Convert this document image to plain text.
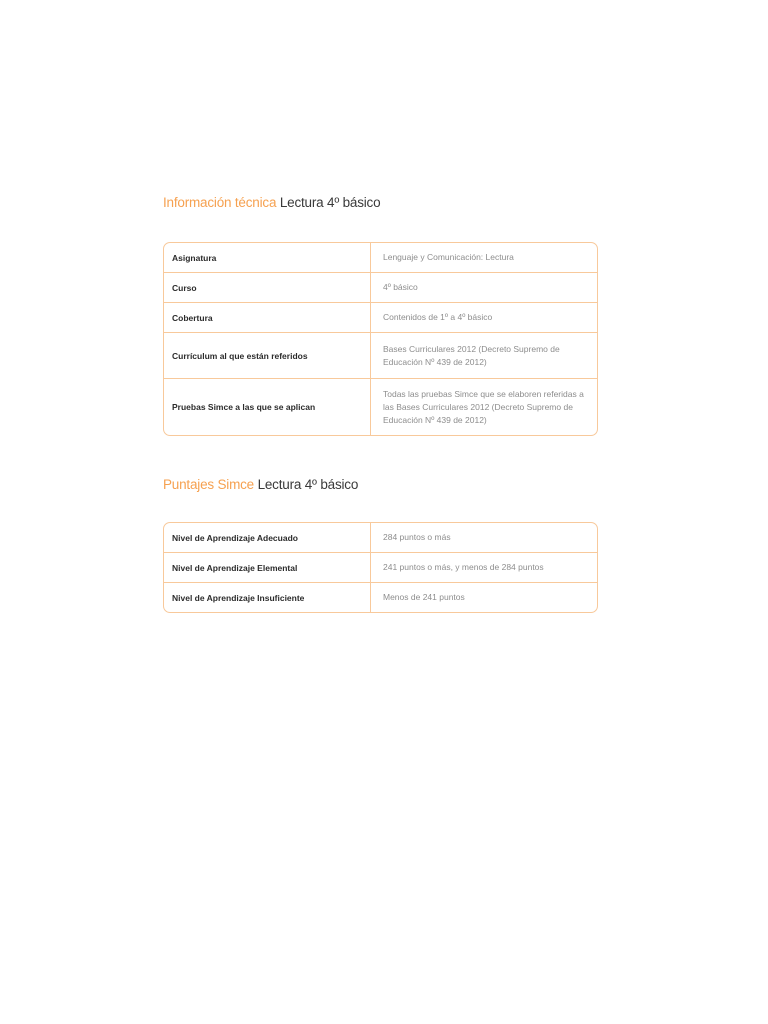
Información técnica Lectura 4º básico
Asignatura	Lenguaje y Comunicación: Lectura
Curso	4º básico
Cobertura	Contenidos de 1º a 4º básico
Currículum al que están referidos	Bases Curriculares 2012 (Decreto Supremo de Educación Nº 439 de 2012)
Pruebas Simce a las que se aplican	Todas las pruebas Simce que se elaboren referidas a las Bases Curriculares 2012 (Decreto Supremo de Educación Nº 439 de 2012)
Puntajes Simce Lectura 4º básico
Nivel de Aprendizaje Adecuado	284 puntos o más
Nivel de Aprendizaje Elemental	241 puntos o más, y menos de 284 puntos
Nivel de Aprendizaje Insuficiente	Menos de 241 puntos
